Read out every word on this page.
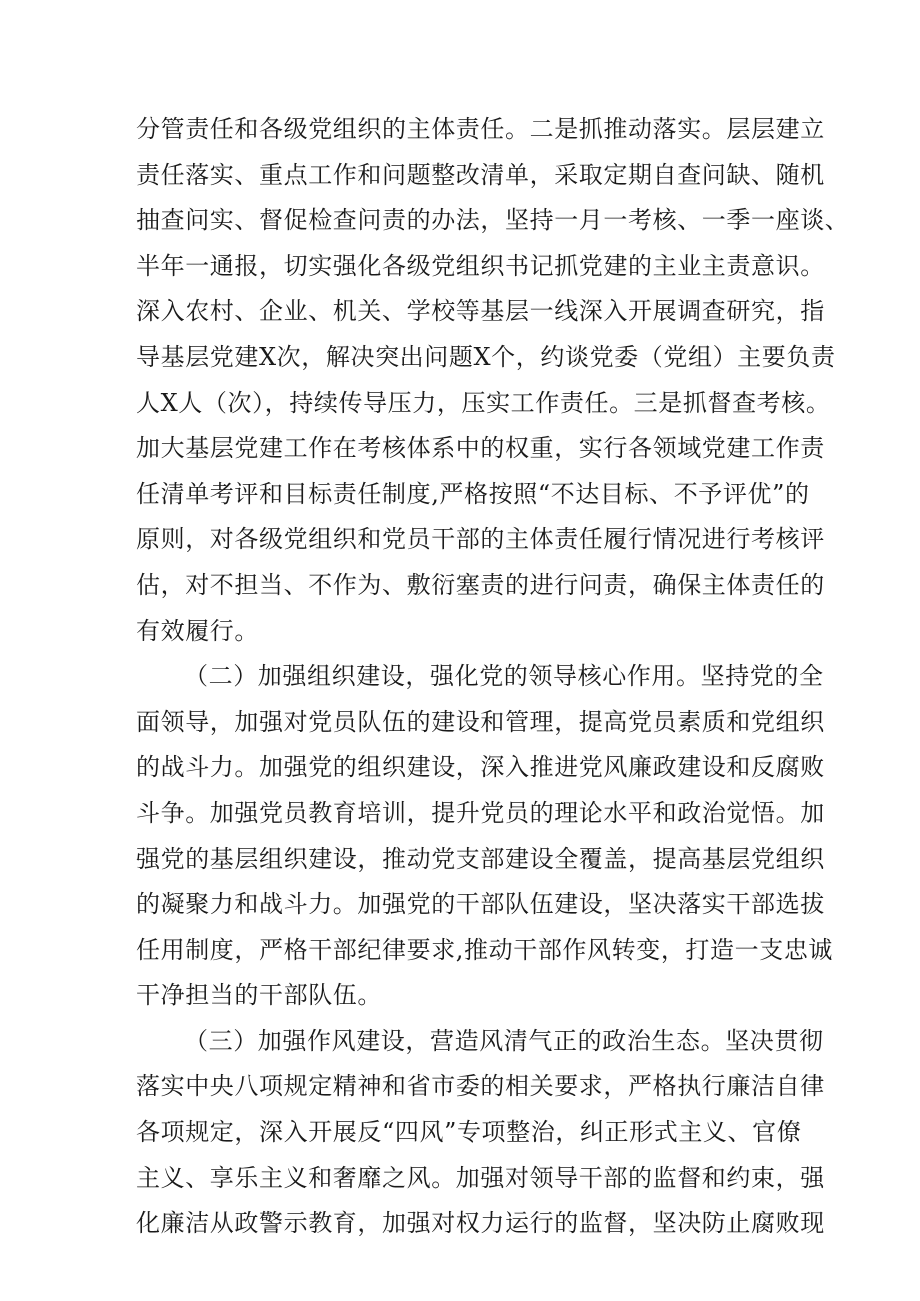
分管责任和各级党组织的主体责任。二是抓推动落实。层层建立
责任落实、重点工作和问题整改清单，采取定期自查问缺、随机
抽查问实、督促检查问责的办法，坚持一月一考核、一季一座谈、
半年一通报，切实强化各级党组织书记抓党建的主业主责意识。
深入农村、企业、机关、学校等基层一线深入开展调查研究，指
导基层党建X次，解决突出问题X个，约谈党委（党组）主要负责
人X人（次），持续传导压力，压实工作责任。三是抓督查考核。
加大基层党建工作在考核体系中的权重，实行各领域党建工作责
任清单考评和目标责任制度,严格按照“不达目标、不予评优”的
原则，对各级党组织和党员干部的主体责任履行情况进行考核评
估，对不担当、不作为、敷衍塞责的进行问责，确保主体责任的
有效履行。
（二）加强组织建设，强化党的领导核心作用。坚持党的全
面领导，加强对党员队伍的建设和管理，提高党员素质和党组织
的战斗力。加强党的组织建设，深入推进党风廉政建设和反腐败
斗争。加强党员教育培训，提升党员的理论水平和政治觉悟。加
强党的基层组织建设，推动党支部建设全覆盖，提高基层党组织
的凝聚力和战斗力。加强党的干部队伍建设，坚决落实干部选拔
任用制度，严格干部纪律要求,推动干部作风转变，打造一支忠诚
干净担当的干部队伍。
（三）加强作风建设，营造风清气正的政治生态。坚决贯彻
落实中央八项规定精神和省市委的相关要求，严格执行廉洁自律
各项规定，深入开展反“四风”专项整治，纠正形式主义、官僚
主义、享乐主义和奢靡之风。加强对领导干部的监督和约束，强
化廉洁从政警示教育，加强对权力运行的监督，坚决防止腐败现
